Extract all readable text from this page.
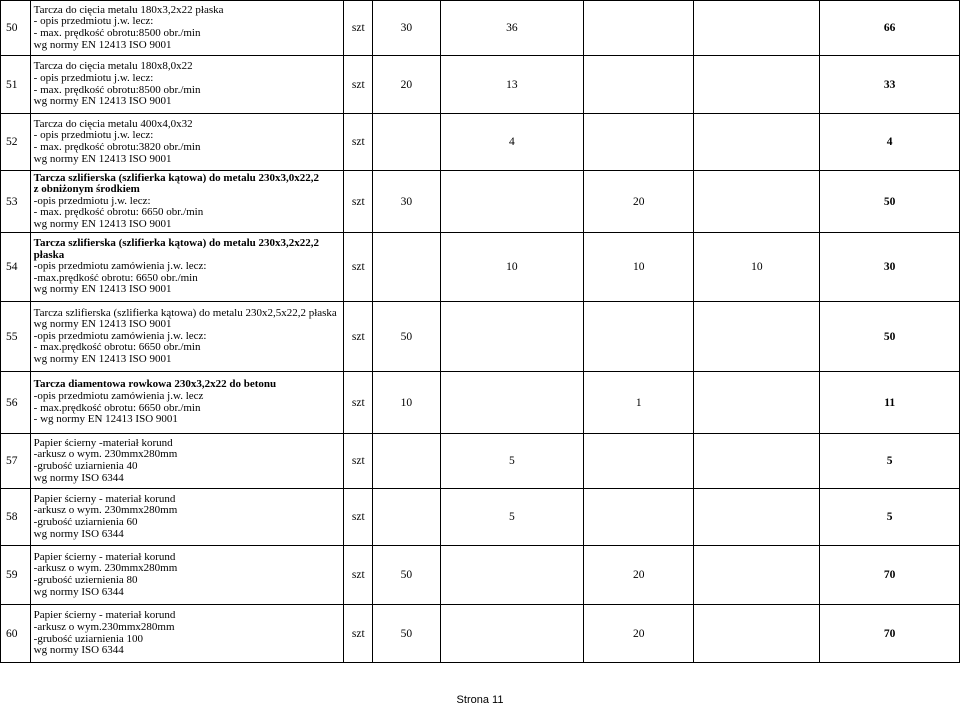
50	Tarcza do cięcia metalu 180x3,2x22 płaska
- opis przedmiotu j.w. lecz:
- max. prędkość obrotu:8500 obr./min
wg normy EN 12413 ISO 9001	szt	30	36			66
51	Tarcza do cięcia metalu 180x8,0x22
- opis przedmiotu j.w. lecz:
- max. prędkość obrotu:8500 obr./min
wg normy EN 12413 ISO 9001	szt	20	13			33
52	Tarcza do cięcia metalu 400x4,0x32
- opis przedmiotu j.w. lecz:
- max. prędkość obrotu:3820 obr./min
wg normy EN 12413 ISO 9001	szt		4			4
53	Tarcza szlifierska (szlifierka kątowa) do metalu 230x3,0x22,2
z obniżonym środkiem
-opis przedmiotu j.w. lecz:
- max. prędkość obrotu: 6650 obr./min
wg normy EN 12413 ISO 9001	szt	30		20		50
54	Tarcza szlifierska (szlifierka kątowa) do metalu 230x3,2x22,2
płaska
-opis przedmiotu zamówienia j.w. lecz:
-max.prędkość obrotu: 6650 obr./min
wg normy EN 12413 ISO 9001	szt		10	10	10	30
55	Tarcza szlifierska (szlifierka kątowa) do metalu 230x2,5x22,2 płaska
wg normy EN 12413 ISO 9001
-opis przedmiotu zamówienia j.w. lecz:
- max.prędkość obrotu: 6650 obr./min
wg normy EN 12413 ISO 9001	szt	50				50
56	Tarcza diamentowa rowkowa 230x3,2x22 do betonu
-opis przedmiotu zamówienia j.w. lecz
- max.prędkość obrotu: 6650 obr./min
- wg normy EN 12413 ISO 9001	szt	10		1		11
57	Papier ścierny -materiał korund
-arkusz o wym. 230mmx280mm
-grubość uziarnienia 40
wg normy ISO 6344	szt		5			5
58	Papier ścierny - materiał korund
-arkusz o wym. 230mmx280mm
-grubość uziarnienia 60
wg normy ISO 6344	szt		5			5
59	Papier ścierny - materiał korund
-arkusz o wym. 230mmx280mm
-grubość uziernienia 80
wg normy ISO 6344	szt	50		20		70
60	Papier ścierny - materiał korund
-arkusz o wym.230mmx280mm
-grubość uziarnienia 100
wg normy ISO 6344	szt	50		20		70
Strona 11
